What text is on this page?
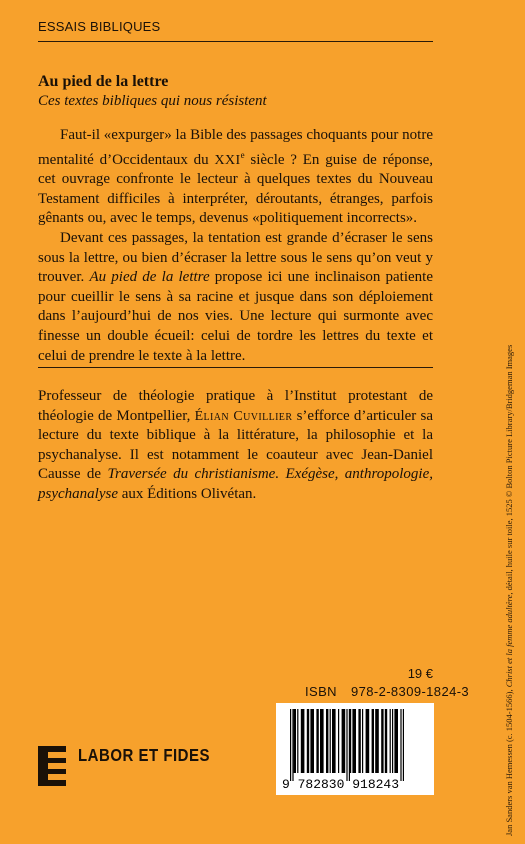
ESSAIS BIBLIQUES
Au pied de la lettre
Ces textes bibliques qui nous résistent

Faut-il «expurger» la Bible des passages choquants pour notre mentalité d’Occidentaux du XXIe siècle ? En guise de réponse, cet ouvrage confronte le lecteur à quelques textes du Nouveau Testament difficiles à interpréter, déroutants, étranges, parfois gênants ou, avec le temps, devenus «politiquement incorrects».

Devant ces passages, la tentation est grande d’écraser le sens sous la lettre, ou bien d’écraser la lettre sous le sens qu’on veut y trouver. Au pied de la lettre propose ici une inclinaison patiente pour cueillir le sens à sa racine et jusque dans son déploiement dans l’aujourd’hui de nos vies. Une lecture qui surmonte avec finesse un double écueil: celui de tordre les lettres du texte et celui de prendre le texte à la lettre.

Professeur de théologie pratique à l’Institut protestant de théologie de Montpellier, Élian Cuvillier s’efforce d’articuler sa lecture du texte biblique à la littérature, la philosophie et la psychanalyse. Il est notamment le coauteur avec Jean-Daniel Causse de Traversée du christianisme. Exégèse, anthropologie, psychanalyse aux Éditions Olivétan.

19 €
ISBN 978-2-8309-1824-3
9 782830 918243
LABOR ET FIDES	Jan Sanders van Hemessen (c. 1504-1566), Christ et la femme adultère, détail, huile sur toile, 1525 © Bolton Picture Library/Bridgeman Images
